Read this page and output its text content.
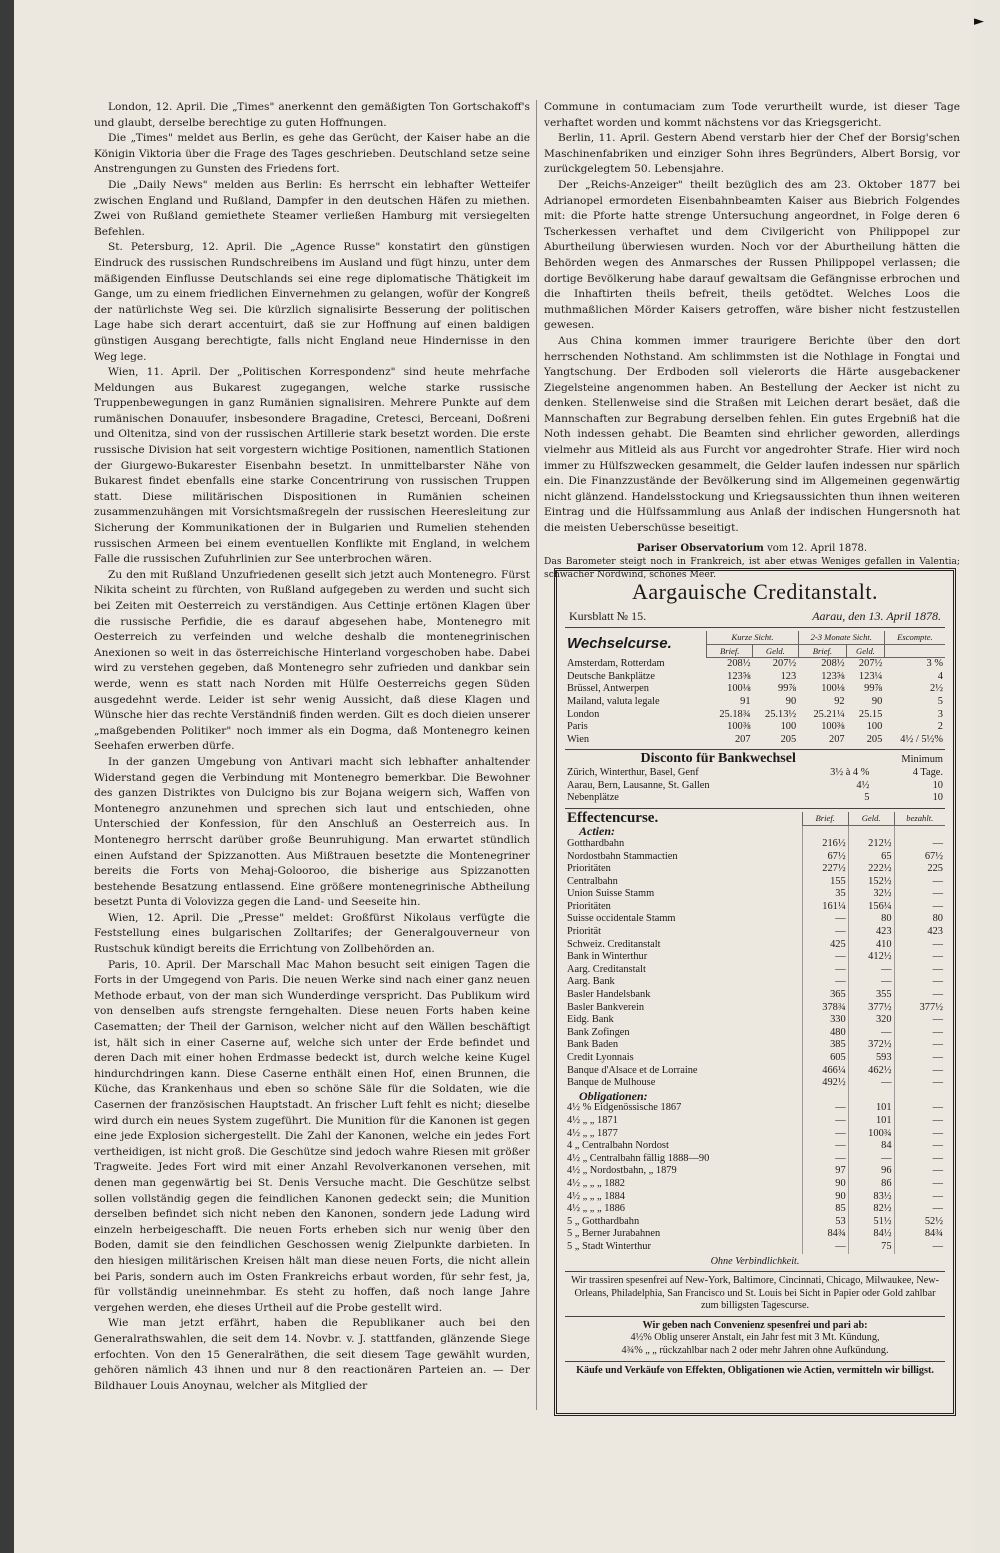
London, 12. April. Die „Times" anerkennt den gemäßigten Ton Gortschakoff's und glaubt, derselbe berechtige zu guten Hoffnungen.

Die „Times" meldet aus Berlin, es gehe das Gerücht, der Kaiser habe an die Königin Viktoria über die Frage des Tages geschrieben. Deutschland setze seine Anstrengungen zu Gunsten des Friedens fort.

Die „Daily News" melden aus Berlin: Es herrscht ein lebhafter Wetteifer zwischen England und Rußland, Dampfer in den deutschen Häfen zu miethen. Zwei von Rußland gemiethete Steamer verließen Hamburg mit versiegelten Befehlen.

St. Petersburg, 12. April. Die „Agence Russe" konstatirt den günstigen Eindruck des russischen Rundschreibens im Ausland und fügt hinzu, unter dem mäßigenden Einflusse Deutschlands sei eine rege diplomatische Thätigkeit im Gange, um zu einem friedlichen Einvernehmen zu gelangen, wofür der Kongreß der natürlichste Weg sei. Die kürzlich signalisirte Besserung der politischen Lage habe sich derart accentuirt, daß sie zur Hoffnung auf einen baldigen günstigen Ausgang berechtigte, falls nicht England neue Hindernisse in den Weg lege.

Wien, 11. April. Der „Politischen Korrespondenz" sind heute mehrfache Meldungen aus Bukarest zugegangen, welche starke russische Truppenbewegungen in ganz Rumänien signalisiren. Mehrere Punkte auf dem rumänischen Donauufer, insbesondere Bragadine, Cretesci, Berceani, Doßreni und Oltenitza, sind von der russischen Artillerie stark besetzt worden. Die erste russische Division hat seit vorgestern wichtige Positionen, namentlich Stationen der Giurgewo-Bukarester Eisenbahn besetzt. In unmittelbarster Nähe von Bukarest findet ebenfalls eine starke Concentrirung von russischen Truppen statt. Diese militärischen Dispositionen in Rumänien scheinen zusammenzuhängen mit Vorsichtsmaßregeln der russischen Heeresleitung zur Sicherung der Kommunikationen der in Bulgarien und Rumelien stehenden russischen Armeen bei einem eventuellen Konflikte mit England, in welchem Falle die russischen Zufuhrlinien zur See unterbrochen wären.

Zu den mit Rußland Unzufriedenen gesellt sich jetzt auch Montenegro. Fürst Nikita scheint zu fürchten, von Rußland aufgegeben zu werden und sucht sich bei Zeiten mit Oesterreich zu verständigen. Aus Cettinje ertönen Klagen über die russische Perfidie, die es darauf abgesehen habe, Montenegro mit Oesterreich zu verfeinden und welche deshalb die montenegrinischen Anexionen so weit in das österreichische Hinterland vorgeschoben habe. Dabei wird zu verstehen gegeben, daß Montenegro sehr zufrieden und dankbar sein werde, wenn es statt nach Norden mit Hülfe Oesterreichs gegen Süden ausgedehnt werde. Leider ist sehr wenig Aussicht, daß diese Klagen und Wünsche hier das rechte Verständniß finden werden. Gilt es doch dieien unserer „maßgebenden Politiker" noch immer als ein Dogma, daß Montenegro keinen Seehafen erwerben dürfe.

In der ganzen Umgebung von Antivari macht sich lebhafter anhaltender Widerstand gegen die Verbindung mit Montenegro bemerkbar. Die Bewohner des ganzen Distriktes von Dulcigno bis zur Bojana weigern sich, Waffen von Montenegro anzunehmen und sprechen sich laut und entschieden, ohne Unterschied der Konfession, für den Anschluß an Oesterreich aus. In Montenegro herrscht darüber große Beunruhigung. Man erwartet stündlich einen Aufstand der Spizzanotten. Aus Mißtrauen besetzte die Montenegriner bereits die Forts von Mehaj-Golooroo, die bisherige aus Spizzanotten bestehende Besatzung entlassend. Eine größere montenegrinische Abtheilung besetzt Punta di Volovizza gegen die Land- und Seeseite hin.

Wien, 12. April. Die „Presse" meldet: Großfürst Nikolaus verfügte die Feststellung eines bulgarischen Zolltarifes; der Generalgouverneur von Rustschuk kündigt bereits die Errichtung von Zollbehörden an.

Paris, 10. April. Der Marschall Mac Mahon besucht seit einigen Tagen die Forts in der Umgegend von Paris. Die neuen Werke sind nach einer ganz neuen Methode erbaut, von der man sich Wunderdinge verspricht. Das Publikum wird von denselben aufs strengste ferngehalten. Diese neuen Forts haben keine Casematten; der Theil der Garnison, welcher nicht auf den Wällen beschäftigt ist, hält sich in einer Caserne auf, welche sich unter der Erde befindet und deren Dach mit einer hohen Erdmasse bedeckt ist, durch welche keine Kugel hindurchdringen kann. Diese Caserne enthält einen Hof, einen Brunnen, die Küche, das Krankenhaus und eben so schöne Säle für die Soldaten, wie die Casernen der französischen Hauptstadt. An frischer Luft fehlt es nicht; dieselbe wird durch ein neues System zugeführt. Die Munition für die Kanonen ist gegen eine jede Explosion sichergestellt. Die Zahl der Kanonen, welche ein jedes Fort vertheidigen, ist nicht groß. Die Geschütze sind jedoch wahre Riesen mit größer Tragweite. Jedes Fort wird mit einer Anzahl Revolverkanonen versehen, mit denen man gegenwärtig bei St. Denis Versuche macht. Die Geschütze selbst sollen vollständig gegen die feindlichen Kanonen gedeckt sein; die Munition derselben befindet sich nicht neben den Kanonen, sondern jede Ladung wird einzeln herbeigeschafft. Die neuen Forts erheben sich nur wenig über den Boden, damit sie den feindlichen Geschossen wenig Zielpunkte darbieten. In den hiesigen militärischen Kreisen hält man diese neuen Forts, die nicht allein bei Paris, sondern auch im Osten Frankreichs erbaut worden, für sehr fest, ja, für vollständig uneinnehmbar. Es steht zu hoffen, daß noch lange Jahre vergehen werden, ehe dieses Urtheil auf die Probe gestellt wird.

Wie man jetzt erfährt, haben die Republikaner auch bei den Generalrathswahlen, die seit dem 14. Novbr. v. J. stattfanden, glänzende Siege erfochten. Von den 15 Generalräthen, die seit diesem Tage gewählt wurden, gehören nämlich 43 ihnen und nur 8 den reactionären Parteien an. — Der Bildhauer Louis Anoynau, welcher als Mitglied der

Commune in contumaciam zum Tode verurtheilt wurde, ist dieser Tage verhaftet worden und kommt nächstens vor das Kriegsgericht.

Berlin, 11. April. Gestern Abend verstarb hier der Chef der Borsig'schen Maschinenfabriken und einziger Sohn ihres Begründers, Albert Borsig, vor zurückgelegtem 50. Lebensjahre.

Der „Reichs-Anzeiger" theilt bezüglich des am 23. Oktober 1877 bei Adrianopel ermordeten Eisenbahnbeamten Kaiser aus Biebrich Folgendes mit: die Pforte hatte strenge Untersuchung angeordnet, in Folge deren 6 Tscherkessen verhaftet und dem Civilgericht von Philippopel zur Aburtheilung überwiesen wurden. Noch vor der Aburtheilung hätten die Behörden wegen des Anmarsches der Russen Philippopel verlassen; die dortige Bevölkerung habe darauf gewaltsam die Gefängnisse erbrochen und die Inhaftirten theils befreit, theils getödtet. Welches Loos die muthmaßlichen Mörder Kaisers getroffen, wäre bisher nicht festzustellen gewesen.

Aus China kommen immer traurigere Berichte über den dort herrschenden Nothstand. Am schlimmsten ist die Nothlage in Fongtai und Yangtschung. Der Erdboden soll vielerorts die Härte ausgebackener Ziegelsteine angenommen haben. An Bestellung der Aecker ist nicht zu denken. Stellenweise sind die Straßen mit Leichen derart besäet, daß die Mannschaften zur Begrabung derselben fehlen. Ein gutes Ergebniß hat die Noth indessen gehabt. Die Beamten sind ehrlicher geworden, allerdings vielmehr aus Mitleid als aus Furcht vor angedrohter Strafe. Hier wird noch immer zu Hülfszwecken gesammelt, die Gelder laufen indessen nur spärlich ein. Die Finanzzustände der Bevölkerung sind im Allgemeinen gegenwärtig nicht glänzend. Handelsstockung und Kriegsaussichten thun ihnen weiteren Eintrag und die Hülfssammlung aus Anlaß der indischen Hungersnoth hat die meisten Ueberschüsse beseitigt.

Pariser Observatorium vom 12. April 1878.

Das Barometer steigt noch in Frankreich, ist aber etwas Weniges gefallen in Valentia; schwacher Nordwind, schönes Meer.

Aargauische Creditanstalt.
Kursblatt № 15.	Aarau, den 13. April 1878.
Wechselcurse.	Kurze Sicht.		2-3 Monate Sicht.		Escompte.
	Brief.	Geld.	Brief.	Geld.	
Amsterdam, Rotterdam	208½	207½	208½	207½	3 %
Deutsche Bankplätze	123⅝	123	123⅝	123¼	4
Brüssel, Antwerpen	100⅛	99⅞	100⅛	99⅞	2½
Mailand, valuta legale	91	90	92	90	5
London	25.18¾	25.13½	25.21¼	25.15	3
Paris	100⅜	100	100⅜	100	2
Wien	207	205	207	205	4½ / 5½%
Disconto für Bankwechsel		Minimum
Zürich, Winterthur, Basel, Genf	3½ à 4 %	4 Tage.
Aarau, Bern, Lausanne, St. Gallen	4½	10
Nebenplätze	5	10
Effectencurse.	Brief.	Geld.	bezahlt.
Actien:			
Gotthardbahn	216½	212½	—
Nordostbahn Stammactien	67½	65	67½
Prioritäten	227½	222½	225
Centralbahn	155	152½	—
Union Suisse Stamm	35	32½	—
Prioritäten	161¼	156¼	—
Suisse occidentale Stamm	—	80	80
Priorität	—	423	423
Schweiz. Creditanstalt	425	410	—
Bank in Winterthur	—	412½	—
Aarg. Creditanstalt	—	—	—
Aarg. Bank	—	—	—
Basler Handelsbank	365	355	—
Basler Bankverein	378¾	377½	377½
Eidg. Bank	330	320	—
Bank Zofingen	480	—	—
Bank Baden	385	372½	—
Credit Lyonnais	605	593	—
Banque d'Alsace et de Lorraine	466¼	462½	—
Banque de Mulhouse	492½	—	—
Obligationen:			
4½ % Eidgenössische 1867	—	101	—
4½ „ „ 1871	—	101	—
4½ „ „ 1877	—	100¾	—
4 „ Centralbahn Nordost	—	84	—
4½ „ Centralbahn fällig 1888—90	—	—	—
4½ „ Nordostbahn, „ 1879	97	96	—
4½ „ „ „ 1882	90	86	—
4½ „ „ „ 1884	90	83½	—
4½ „ „ „ 1886	85	82½	—
5 „ Gotthardbahn	53	51½	52½
5 „ Berner Jurabahnen	84¾	84½	84¾
5 „ Stadt Winterthur	—	75	—
Ohne Verbindlichkeit.
Wir trassiren spesenfrei auf New-York, Baltimore, Cincinnati, Chicago, Milwaukee, New-Orleans, Philadelphia, San Francisco und St. Louis bei Sicht in Papier oder Gold zahlbar zum billigsten Tagescurse.
Wir geben nach Convenienz spesenfrei und pari ab:
4½% Oblig unserer Anstalt, ein Jahr fest mit 3 Mt. Kündung,
4¾% „ „ rückzahlbar nach 2 oder mehr Jahren ohne Aufkündung.
Käufe und Verkäufe von Effekten, Obligationen wie Actien, vermitteln wir billigst.
►
